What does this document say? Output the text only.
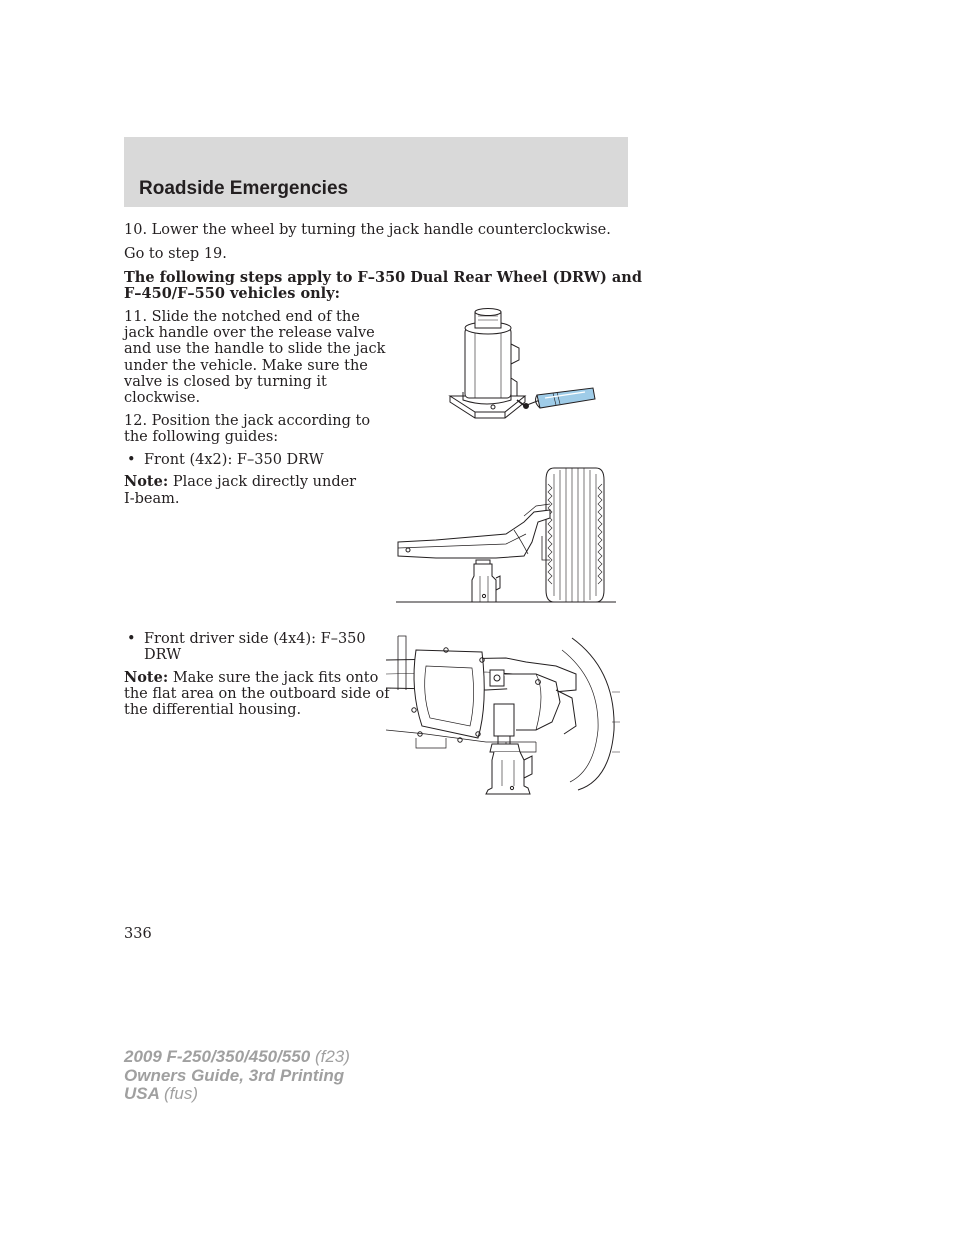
Roadside Emergencies
10. Lower the wheel by turning the jack handle counterclockwise.
Go to step 19.
The following steps apply to F–350 Dual Rear Wheel (DRW) and
F–450/F–550 vehicles only:
11. Slide the notched end of the
jack handle over the release valve
and use the handle to slide the jack
under the vehicle. Make sure the
valve is closed by turning it
clockwise.
12. Position the jack according to
the following guides:
• Front (4x2): F–350 DRW
Note: Place jack directly under
I-beam.
• Front driver side (4x4): F–350
DRW
Note: Make sure the jack fits onto
the flat area on the outboard side of
the differential housing.
336
2009 F-250/350/450/550 (f23)
Owners Guide, 3rd Printing
USA (fus)
